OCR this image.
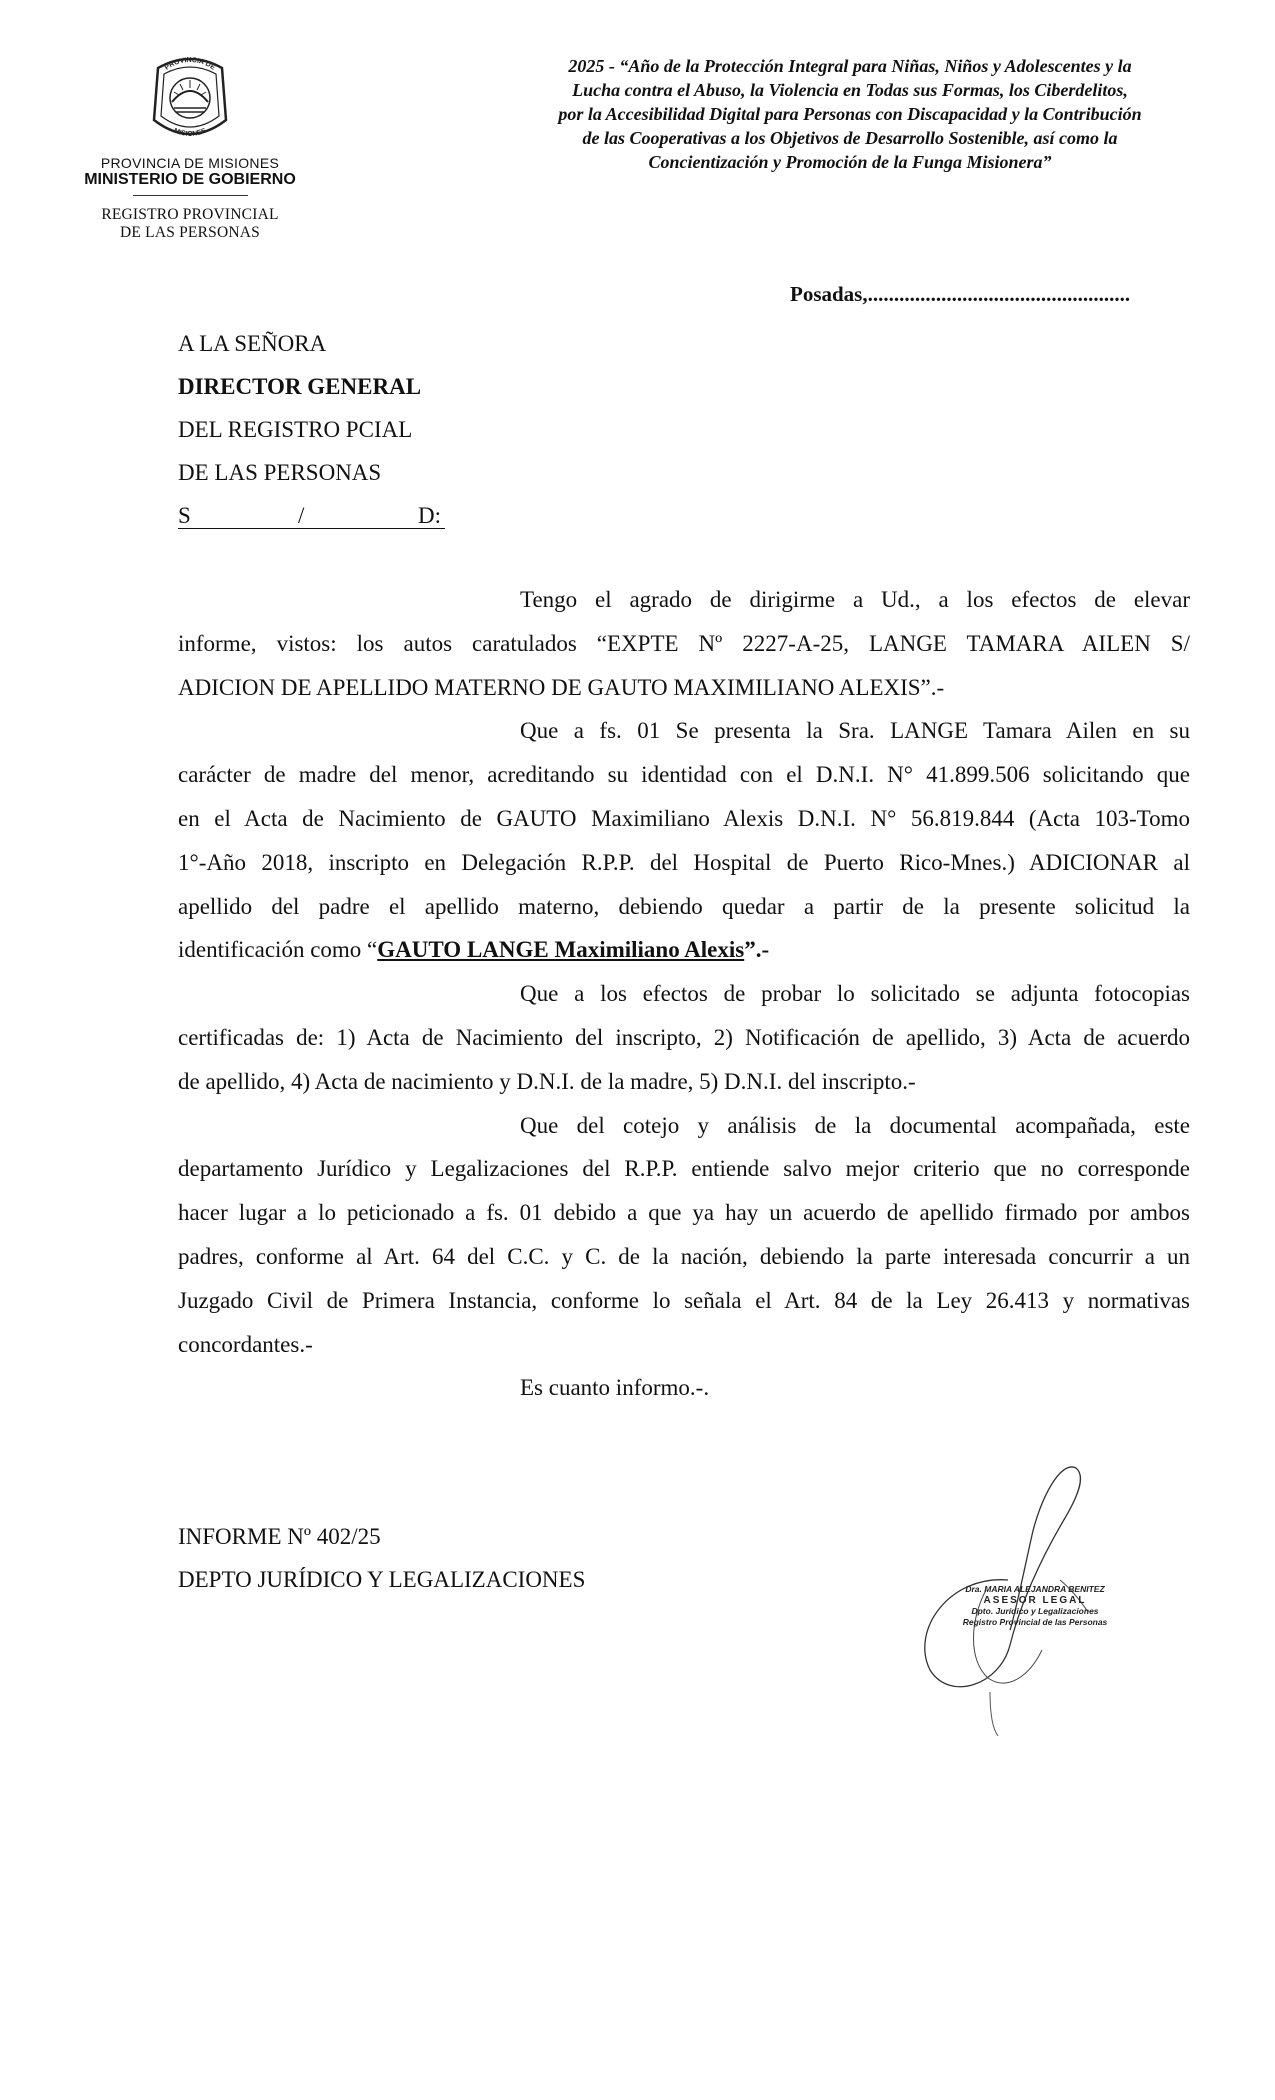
PROVINCIA DE
MISIONES
PROVINCIA DE MISIONES
MINISTERIO DE GOBIERNO
REGISTRO PROVINCIAL
DE LAS PERSONAS
2025 - “Año de la Protección Integral para Niñas, Niños y Adolescentes y la
Lucha contra el Abuso, la Violencia en Todas sus Formas, los Ciberdelitos,
por la Accesibilidad Digital para Personas con Discapacidad y la Contribución
de las Cooperativas a los Objetivos de Desarrollo Sostenible, así como la
Concientización y Promoción de la Funga Misionera”
Posadas,..................................................
A LA SEÑORA
DIRECTOR GENERAL
DEL REGISTRO PCIAL
DE LAS PERSONAS
S	/	D:
Tengo el agrado de dirigirme a Ud., a los efectos de elevar
informe, vistos: los autos caratulados “EXPTE Nº 2227-A-25, LANGE TAMARA AILEN S/
ADICION DE APELLIDO MATERNO DE GAUTO MAXIMILIANO ALEXIS”.-
Que a fs. 01 Se presenta la Sra. LANGE Tamara Ailen en su
carácter de madre del menor, acreditando su identidad con el D.N.I. N° 41.899.506 solicitando que
en el Acta de Nacimiento de GAUTO Maximiliano Alexis D.N.I. N° 56.819.844 (Acta 103-Tomo
1°-Año 2018, inscripto en Delegación R.P.P. del Hospital de Puerto Rico-Mnes.) ADICIONAR al
apellido del padre el apellido materno, debiendo quedar a partir de la presente solicitud la
identificación como “GAUTO LANGE Maximiliano Alexis”.-
Que a los efectos de probar lo solicitado se adjunta fotocopias
certificadas de: 1) Acta de Nacimiento del inscripto, 2) Notificación de apellido, 3) Acta de acuerdo
de apellido, 4) Acta de nacimiento y D.N.I. de la madre, 5) D.N.I. del inscripto.-
Que del cotejo y análisis de la documental acompañada, este
departamento Jurídico y Legalizaciones del R.P.P. entiende salvo mejor criterio que no corresponde
hacer lugar a lo peticionado a fs. 01 debido a que ya hay un acuerdo de apellido firmado por ambos
padres, conforme al Art. 64 del C.C. y C. de la nación, debiendo la parte interesada concurrir a un
Juzgado Civil de Primera Instancia, conforme lo señala el Art. 84 de la Ley 26.413 y normativas
concordantes.-
Es cuanto informo.-.
INFORME Nº 402/25
DEPTO JURÍDICO Y LEGALIZACIONES	Dra. MARIA ALEJANDRA BENITEZ
ASESOR LEGAL
Dpto. Jurídico y Legalizaciones
Registro Provincial de las Personas
